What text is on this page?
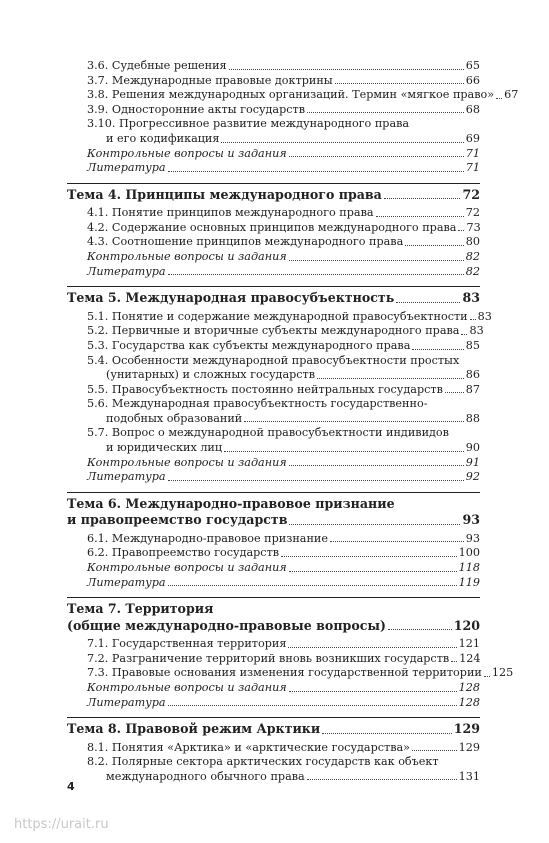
3.6. Судебные решения	65
3.7. Международные правовые доктрины	66
3.8. Решения международных организаций. Термин «мягкое право» 67
3.9. Односторонние акты государств	68
3.10. Прогрессивное развитие международного права
и его кодификация	69
Контрольные вопросы и задания	71
Литература	71
Тема 4. Принципы международного права	72
4.1. Понятие принципов международного права	72
4.2. Содержание основных принципов международного права 73
4.3. Соотношение принципов международного права	80
Контрольные вопросы и задания	82
Литература	82
Тема 5. Международная правосубъектность	83
5.1. Понятие и содержание международной правосубъектности 83
5.2. Первичные и вторичные субъекты международного права 83
5.3. Государства как субъекты международного права	85
5.4. Особенности международной правосубъектности простых
(унитарных) и сложных государств	86
5.5. Правосубъектность постоянно нейтральных государств 87
5.6. Международная правосубъектность государственно-
подобных образований	88
5.7. Вопрос о международной правосубъектности индивидов
и юридических лиц	90
Контрольные вопросы и задания	91
Литература	92
Тема 6. Международно-правовое признание
и правопреемство государств	93
6.1. Международно-правовое признание	93
6.2. Правопреемство государств	100
Контрольные вопросы и задания	118
Литература	119
Тема 7. Территория
(общие международно-правовые вопросы)	120
7.1. Государственная территория	121
7.2. Разграничение территорий вновь возникших государств 124
7.3. Правовые основания изменения государственной территории 125
Контрольные вопросы и задания	128
Литература	128
Тема 8. Правовой режим Арктики	129
8.1. Понятия «Арктика» и «арктические государства»	129
8.2. Полярные сектора арктических государств как объект
международного обычного права	131
4
https://urait.ru
